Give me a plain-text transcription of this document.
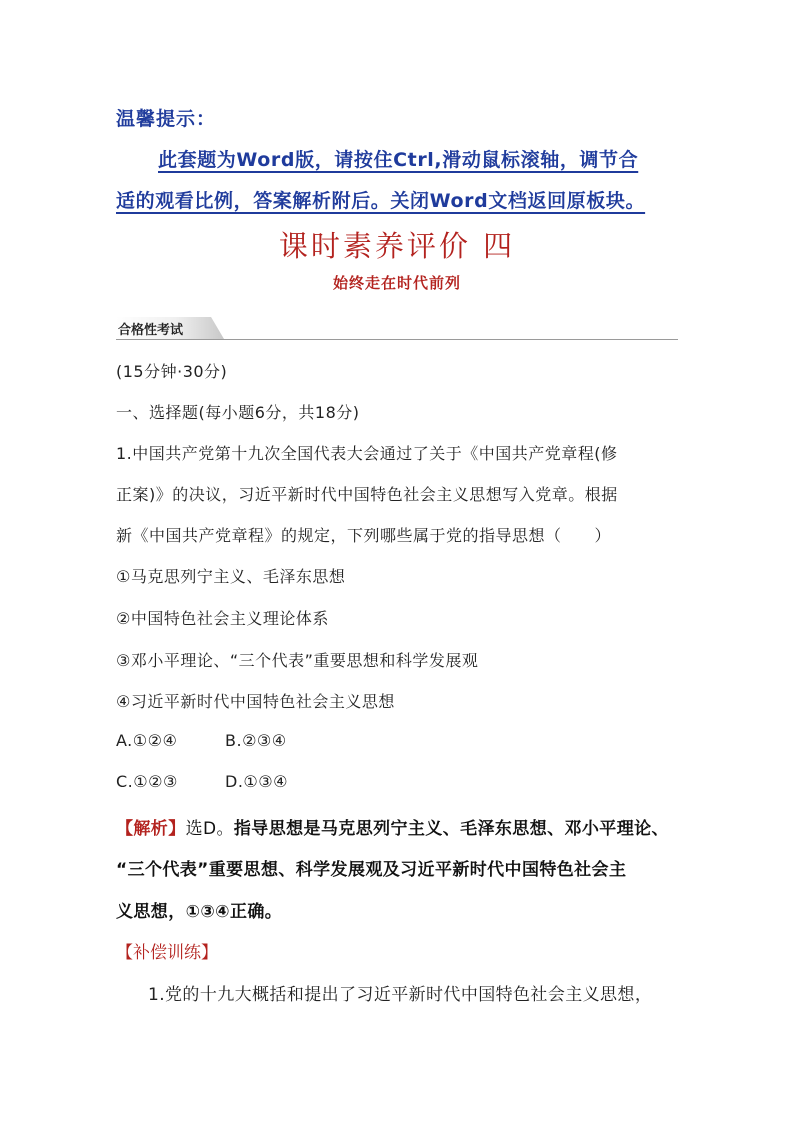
温馨提示：
此套题为Word版，请按住Ctrl,滑动鼠标滚轴，调节合
适的观看比例，答案解析附后。关闭Word文档返回原板块。
课时素养评价 四
始终走在时代前列
合格性考试
(15分钟·30分)
一、选择题(每小题6分，共18分)
1.中国共产党第十九次全国代表大会通过了关于《中国共产党章程(修
正案)》的决议，习近平新时代中国特色社会主义思想写入党章。根据
新《中国共产党章程》的规定，下列哪些属于党的指导思想（　　）
①马克思列宁主义、毛泽东思想
②中国特色社会主义理论体系
③邓小平理论、“三个代表”重要思想和科学发展观
④习近平新时代中国特色社会主义思想
A.①②④	B.②③④
C.①②③	D.①③④
【解析】选D。指导思想是马克思列宁主义、毛泽东思想、邓小平理论、
“三个代表”重要思想、科学发展观及习近平新时代中国特色社会主
义思想，①③④正确。
【补偿训练】
1.党的十九大概括和提出了习近平新时代中国特色社会主义思想，
